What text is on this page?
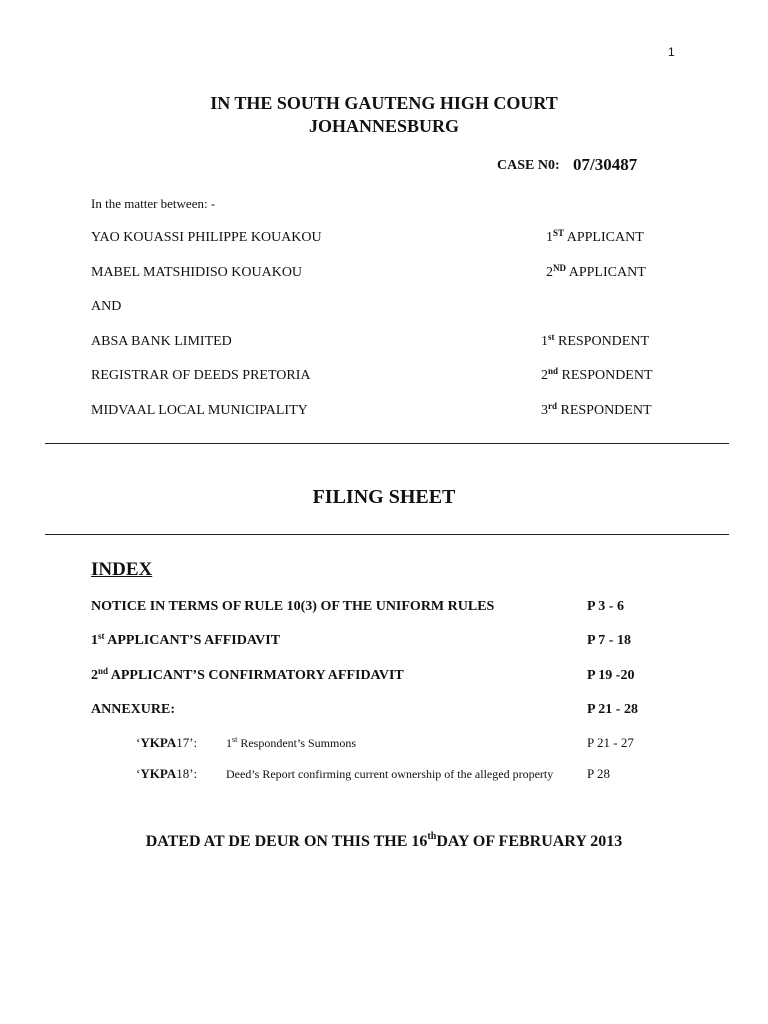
1
IN THE SOUTH GAUTENG HIGH COURT
JOHANNESBURG
CASE N0: 07/30487
In the matter between: -
YAO KOUASSI PHILIPPE KOUAKOU	1ST APPLICANT
MABEL MATSHIDISO KOUAKOU	2ND APPLICANT
AND
ABSA BANK LIMITED	1st RESPONDENT
REGISTRAR OF DEEDS PRETORIA	2nd RESPONDENT
MIDVAAL LOCAL MUNICIPALITY	3rd RESPONDENT
FILING SHEET
INDEX
NOTICE IN TERMS OF RULE 10(3) OF THE UNIFORM RULES	P 3 - 6
1st APPLICANT’S AFFIDAVIT	P 7 - 18
2nd APPLICANT’S CONFIRMATORY AFFIDAVIT	P 19 -20
ANNEXURE:	P 21 - 28
‘YKPA17’: 1st Respondent’s Summons	P 21 - 27
‘YKPA18’: Deed’s Report confirming current ownership of the alleged property	P 28
DATED AT DE DEUR ON THIS THE 16thDAY OF FEBRUARY 2013
